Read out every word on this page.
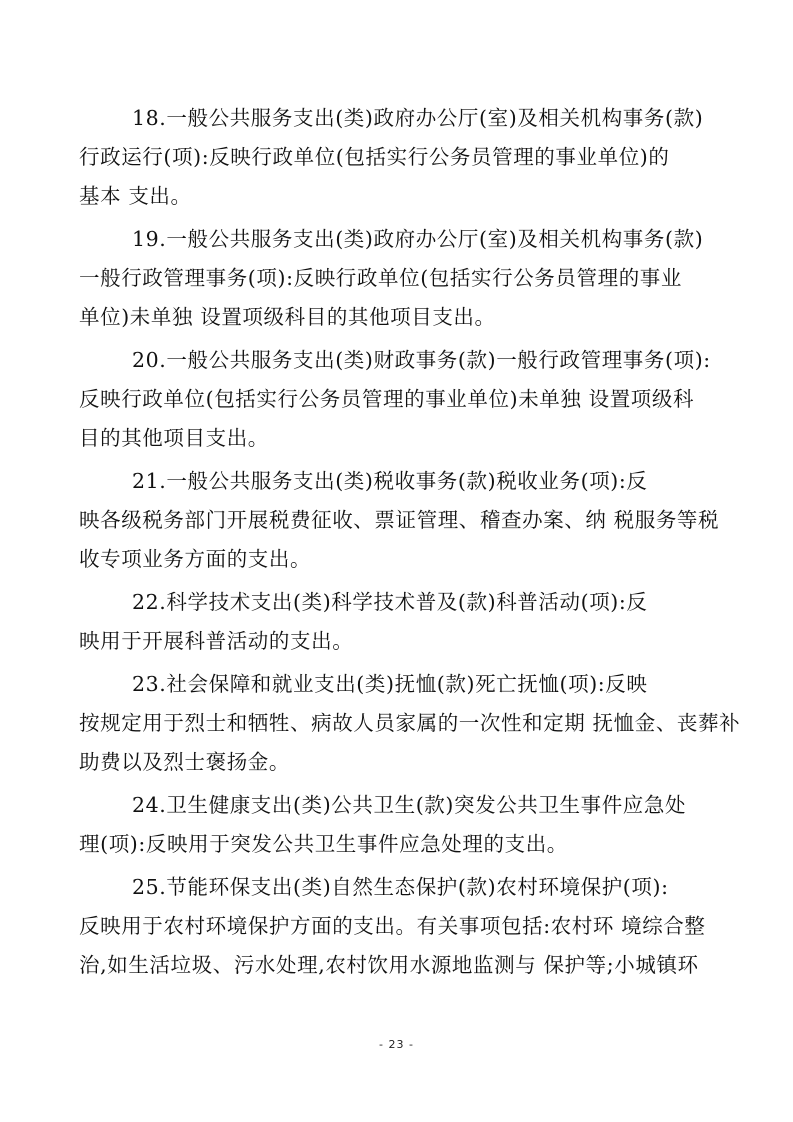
18.一般公共服务支出(类)政府办公厅(室)及相关机构事务(款)
行政运行(项):反映行政单位(包括实行公务员管理的事业单位)的
基本 支出。

19.一般公共服务支出(类)政府办公厅(室)及相关机构事务(款)
一般行政管理事务(项):反映行政单位(包括实行公务员管理的事业
单位)未单独 设置项级科目的其他项目支出。

20.一般公共服务支出(类)财政事务(款)一般行政管理事务(项):
反映行政单位(包括实行公务员管理的事业单位)未单独 设置项级科
目的其他项目支出。

21.一般公共服务支出(类)税收事务(款)税收业务(项):反
映各级税务部门开展税费征收、票证管理、稽查办案、纳 税服务等税
收专项业务方面的支出。

22.科学技术支出(类)科学技术普及(款)科普活动(项):反
映用于开展科普活动的支出。

23.社会保障和就业支出(类)抚恤(款)死亡抚恤(项):反映
按规定用于烈士和牺牲、病故人员家属的一次性和定期 抚恤金、丧葬补
助费以及烈士褒扬金。

24.卫生健康支出(类)公共卫生(款)突发公共卫生事件应急处
理(项):反映用于突发公共卫生事件应急处理的支出。

25.节能环保支出(类)自然生态保护(款)农村环境保护(项):
反映用于农村环境保护方面的支出。有关事项包括:农村环 境综合整
治,如生活垃圾、污水处理,农村饮用水源地监测与 保护等;小城镇环

- 23 -
